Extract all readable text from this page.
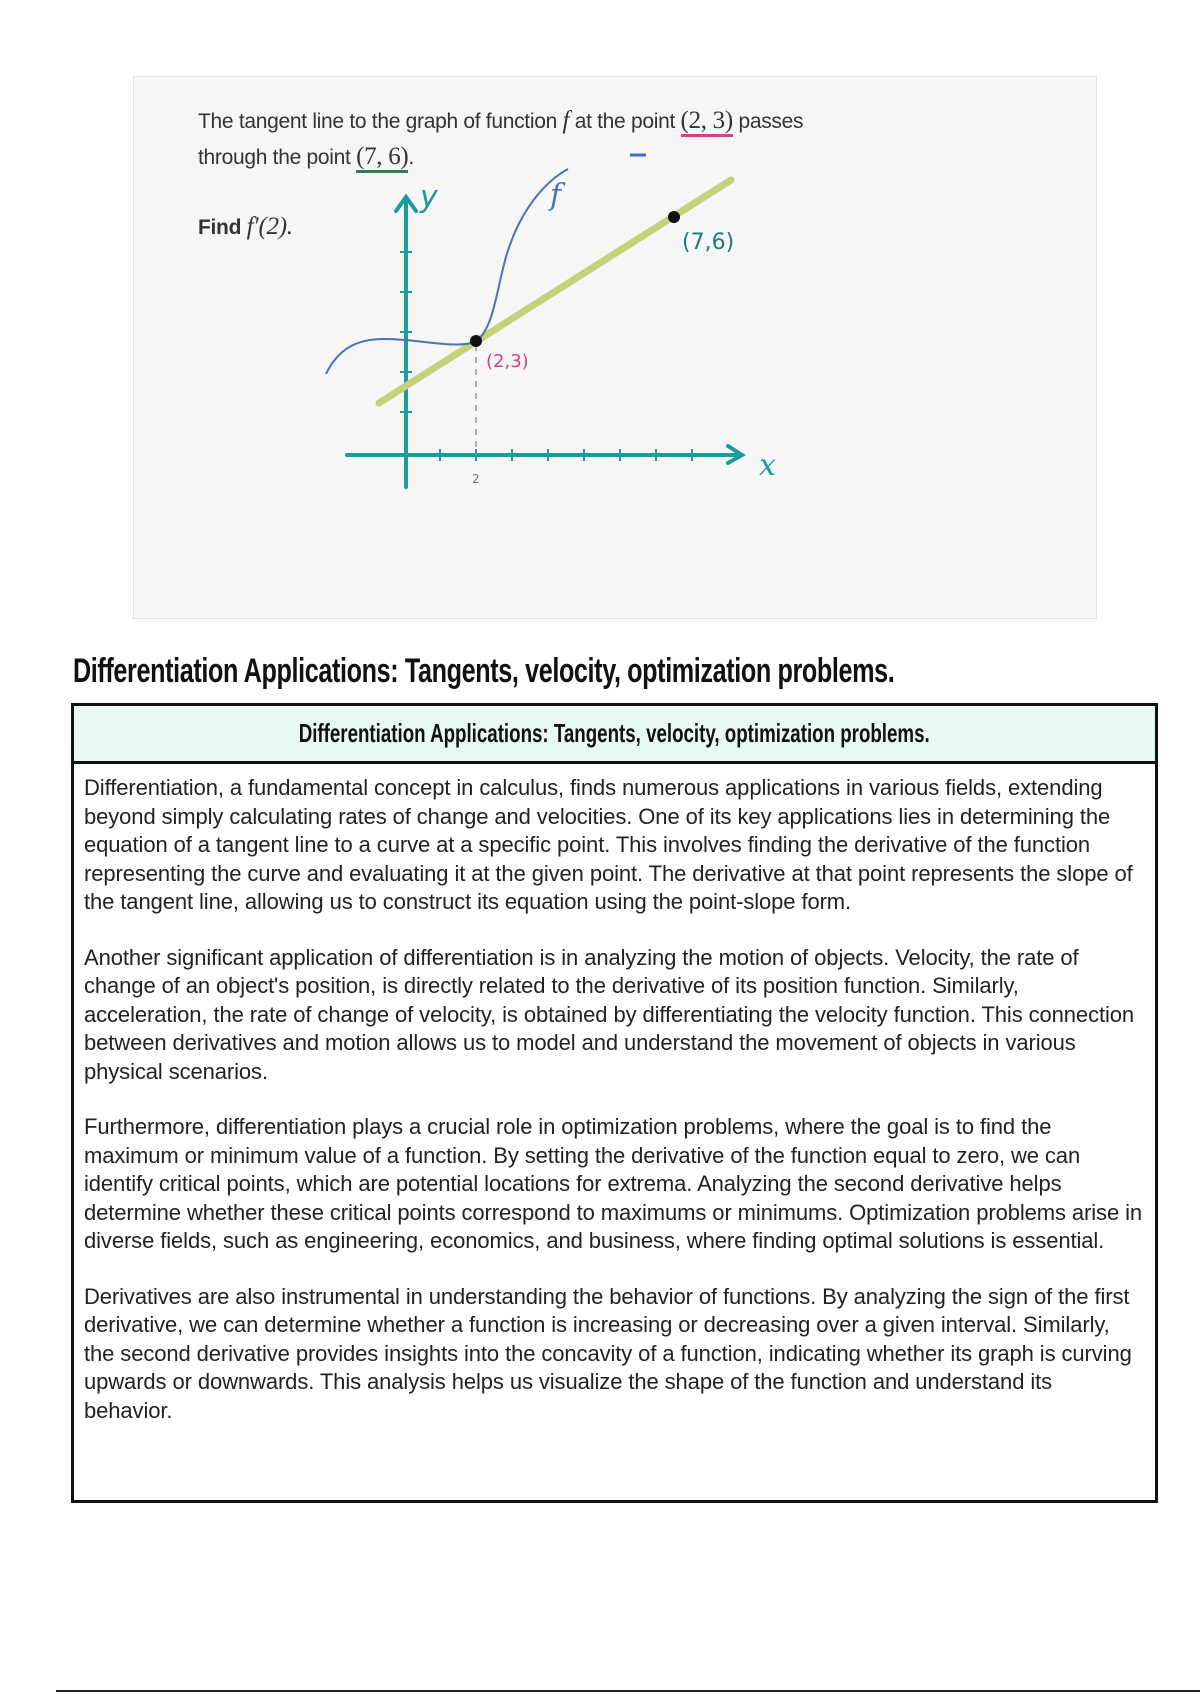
y	f
(7,6)
(2,3)
x
2
The tangent line to the graph of function f at the point (2, 3) passes
through the point (7, 6).
Find f′(2).
Differentiation Applications: Tangents, velocity, optimization problems.
Differentiation Applications: Tangents, velocity, optimization problems.

Differentiation, a fundamental concept in calculus, finds numerous applications in various fields, extending beyond simply calculating rates of change and velocities. One of its key applications lies in determining the equation of a tangent line to a curve at a specific point. This involves finding the derivative of the function representing the curve and evaluating it at the given point. The derivative at that point represents the slope of the tangent line, allowing us to construct its equation using the point-slope form.

Another significant application of differentiation is in analyzing the motion of objects. Velocity, the rate of change of an object's position, is directly related to the derivative of its position function. Similarly, acceleration, the rate of change of velocity, is obtained by differentiating the velocity function. This connection between derivatives and motion allows us to model and understand the movement of objects in various physical scenarios.

Furthermore, differentiation plays a crucial role in optimization problems, where the goal is to find the maximum or minimum value of a function. By setting the derivative of the function equal to zero, we can identify critical points, which are potential locations for extrema. Analyzing the second derivative helps determine whether these critical points correspond to maximums or minimums. Optimization problems arise in diverse fields, such as engineering, economics, and business, where finding optimal solutions is essential.

Derivatives are also instrumental in understanding the behavior of functions. By analyzing the sign of the first derivative, we can determine whether a function is increasing or decreasing over a given interval. Similarly, the second derivative provides insights into the concavity of a function, indicating whether its graph is curving upwards or downwards. This analysis helps us visualize the shape of the function and understand its behavior.
